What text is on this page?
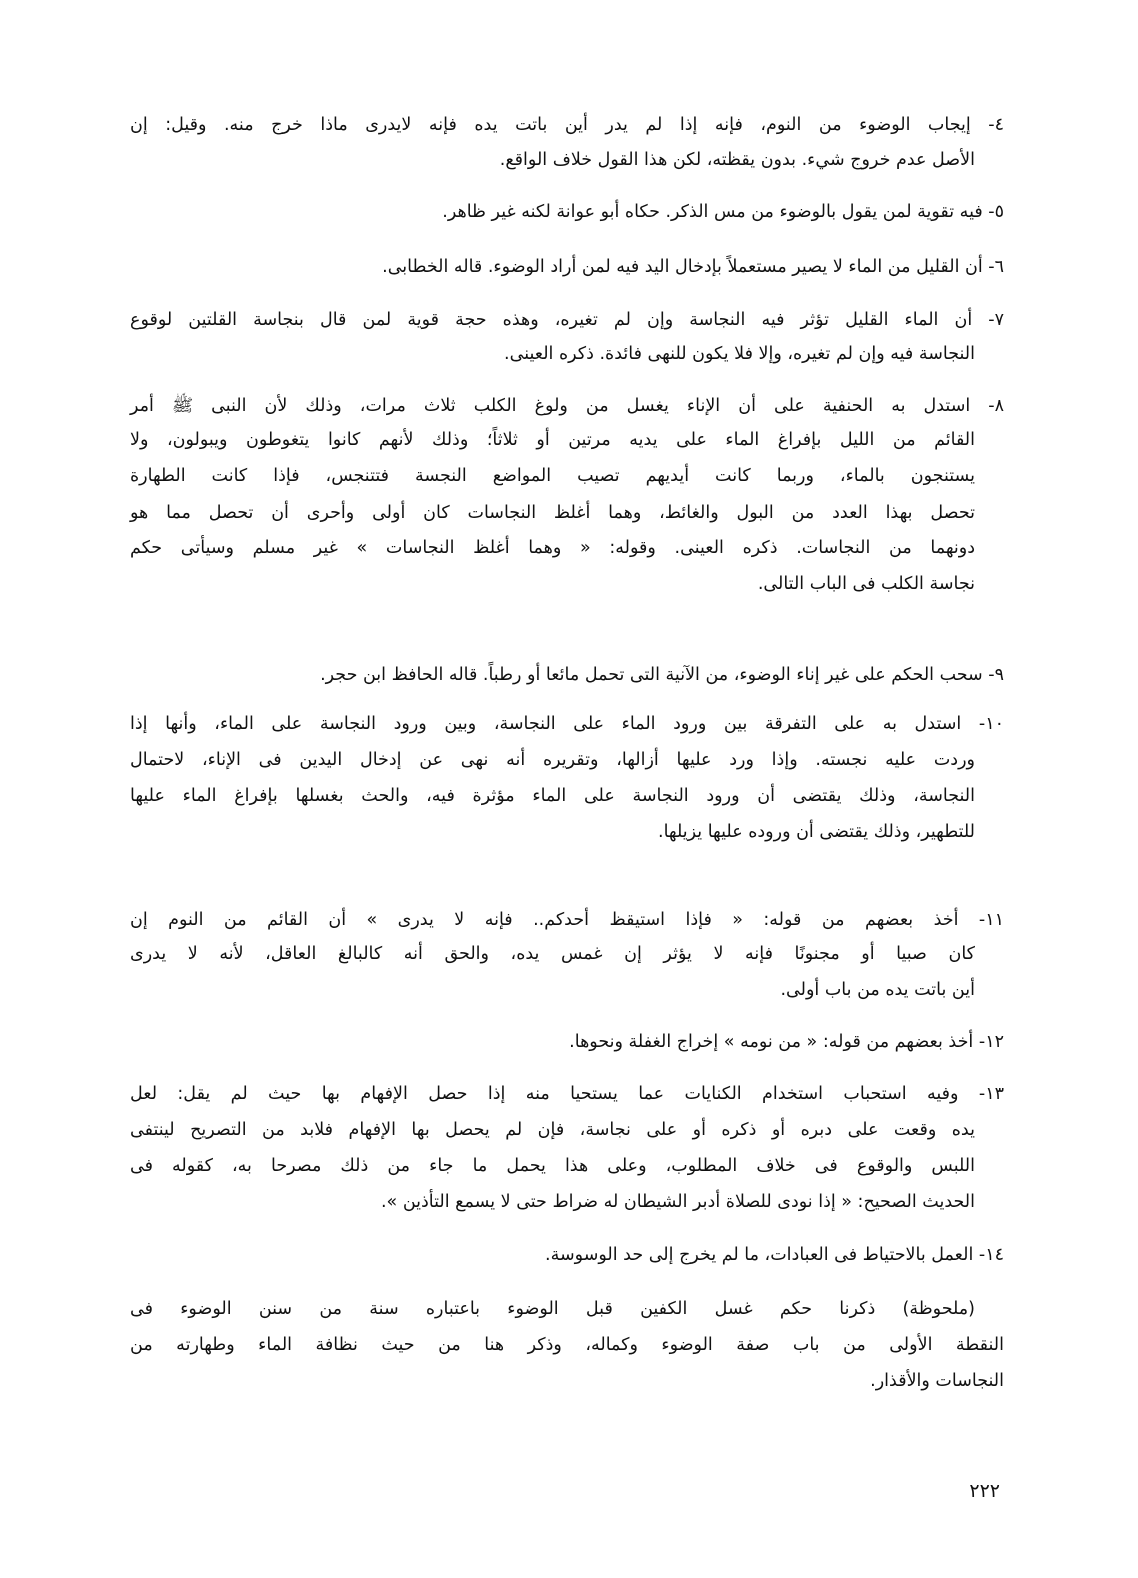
٤- إيجاب الوضوء من النوم، فإنه إذا لم يدر أين باتت يده فإنه لايدرى ماذا خرج منه. وقيل: إن
الأصل عدم خروج شيء. بدون يقظته، لكن هذا القول خلاف الواقع.
٥- فيه تقوية لمن يقول بالوضوء من مس الذكر. حكاه أبو عوانة لكنه غير ظاهر.
٦- أن القليل من الماء لا يصير مستعملاً بإدخال اليد فيه لمن أراد الوضوء. قاله الخطابى.
٧- أن الماء القليل تؤثر فيه النجاسة وإن لم تغيره، وهذه حجة قوية لمن قال بنجاسة القلتين لوقوع
النجاسة فيه وإن لم تغيره، وإلا فلا يكون للنهى فائدة. ذكره العينى.
٨- استدل به الحنفية على أن الإناء يغسل من ولوغ الكلب ثلاث مرات، وذلك لأن النبى ﷺ أمر
القائم من الليل بإفراغ الماء على يديه مرتين أو ثلاثاً؛ وذلك لأنهم كانوا يتغوطون ويبولون، ولا
يستنجون بالماء، وربما كانت أيديهم تصيب المواضع النجسة فتتنجس، فإذا كانت الطهارة
تحصل بهذا العدد من البول والغائط، وهما أغلظ النجاسات كان أولى وأحرى أن تحصل مما هو
دونهما من النجاسات. ذكره العينى. وقوله: « وهما أغلظ النجاسات » غير مسلم وسيأتى حكم
نجاسة الكلب فى الباب التالى.
٩- سحب الحكم على غير إناء الوضوء، من الآنية التى تحمل مائعا أو رطباً. قاله الحافظ ابن حجر.
١٠- استدل به على التفرقة بين ورود الماء على النجاسة، وبين ورود النجاسة على الماء، وأنها إذا
وردت عليه نجسته. وإذا ورد عليها أزالها، وتقريره أنه نهى عن إدخال اليدين فى الإناء، لاحتمال
النجاسة، وذلك يقتضى أن ورود النجاسة على الماء مؤثرة فيه، والحث بغسلها بإفراغ الماء عليها
للتطهير، وذلك يقتضى أن وروده عليها يزيلها.
١١- أخذ بعضهم من قوله: « فإذا استيقظ أحدكم.. فإنه لا يدرى » أن القائم من النوم إن
كان صبيا أو مجنونًا فإنه لا يؤثر إن غمس يده، والحق أنه كالبالغ العاقل، لأنه لا يدرى
أين باتت يده من باب أولى.
١٢- أخذ بعضهم من قوله: « من نومه » إخراج الغفلة ونحوها.
١٣- وفيه استحباب استخدام الكنايات عما يستحيا منه إذا حصل الإفهام بها حيث لم يقل: لعل
يده وقعت على دبره أو ذكره أو على نجاسة، فإن لم يحصل بها الإفهام فلابد من التصريح لينتفى
اللبس والوقوع فى خلاف المطلوب، وعلى هذا يحمل ما جاء من ذلك مصرحا به، كقوله فى
الحديث الصحيح: « إذا نودى للصلاة أدبر الشيطان له ضراط حتى لا يسمع التأذين ».
١٤- العمل بالاحتياط فى العبادات، ما لم يخرج إلى حد الوسوسة.
(ملحوظة) ذكرنا حكم غسل الكفين قبل الوضوء باعتباره سنة من سنن الوضوء فى
النقطة الأولى من باب صفة الوضوء وكماله، وذكر هنا من حيث نظافة الماء وطهارته من
النجاسات والأقذار.
٢٢٢
